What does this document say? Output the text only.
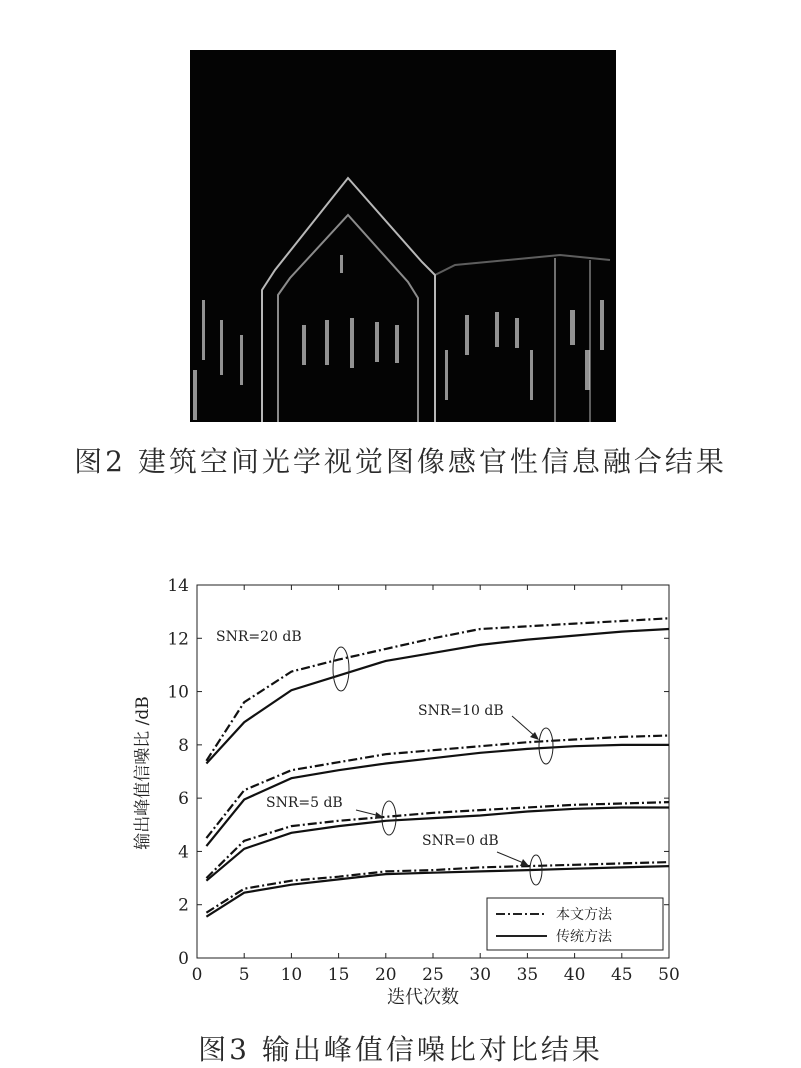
图2 建筑空间光学视觉图像感官性信息融合结果
0
2
4
6
8
10
12
14
0 5 10 15 20 25 30 35 40 45 50
SNR=20 dB
SNR=10 dB
SNR=5 dB
SNR=0 dB
本文方法
传统方法
迭代次数
输出峰值信噪比 /dB
图3 输出峰值信噪比对比结果
